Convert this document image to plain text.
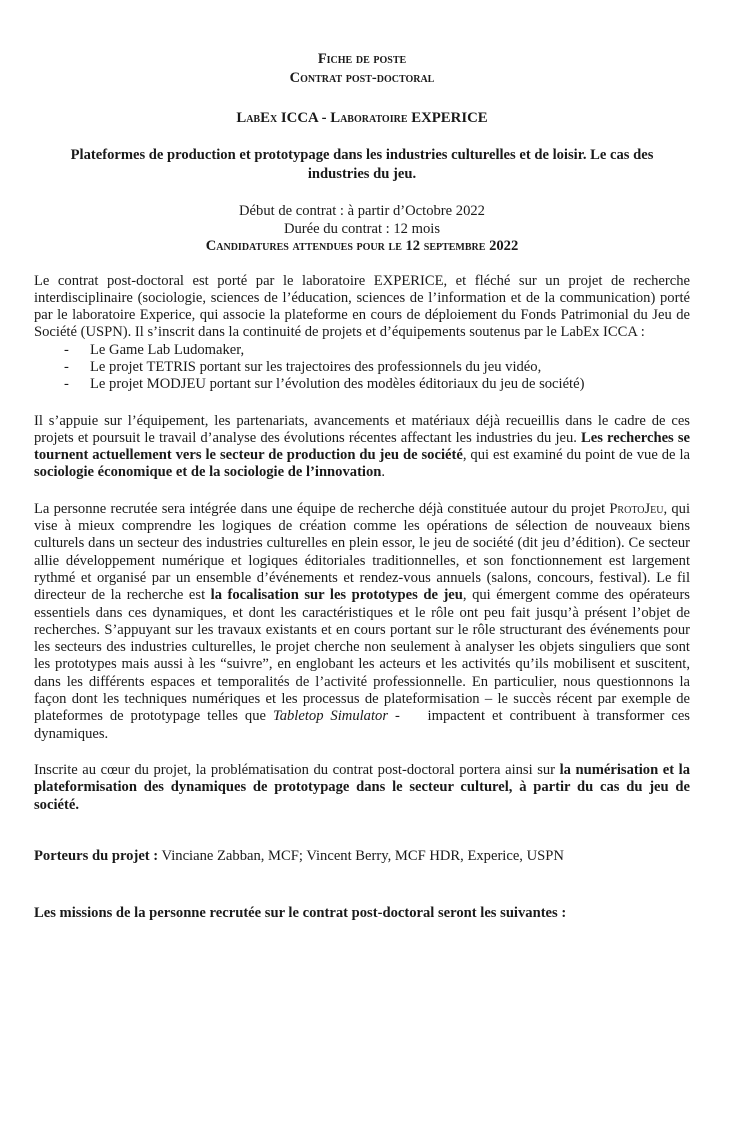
Fiche de poste
Contrat post-doctoral
LabEx ICCA - Laboratoire EXPERICE
Plateformes de production et prototypage dans les industries culturelles et de loisir. Le cas des industries du jeu.
Début de contrat : à partir d’Octobre 2022
Durée du contrat : 12 mois
Candidatures attendues pour le 12 septembre 2022

Le contrat post-doctoral est porté par le laboratoire EXPERICE, et fléché sur un projet de recherche interdisciplinaire (sociologie, sciences de l’éducation, sciences de l’information et de la communication) porté par le laboratoire Experice, qui associe la plateforme en cours de déploiement du Fonds Patrimonial du Jeu de Société (USPN). Il s’inscrit dans la continuité de projets et d’équipements soutenus par le LabEx ICCA :

- Le Game Lab Ludomaker,
- Le projet TETRIS portant sur les trajectoires des professionnels du jeu vidéo,
- Le projet MODJEU portant sur l’évolution des modèles éditoriaux du jeu de société)

Il s’appuie sur l’équipement, les partenariats, avancements et matériaux déjà recueillis dans le cadre de ces projets et poursuit le travail d’analyse des évolutions récentes affectant les industries du jeu. Les recherches se tournent actuellement vers le secteur de production du jeu de société, qui est examiné du point de vue de la sociologie économique et de la sociologie de l’innovation.

La personne recrutée sera intégrée dans une équipe de recherche déjà constituée autour du projet ProtoJeu, qui vise à mieux comprendre les logiques de création comme les opérations de sélection de nouveaux biens culturels dans un secteur des industries culturelles en plein essor, le jeu de société (dit jeu d’édition). Ce secteur allie développement numérique et logiques éditoriales traditionnelles, et son fonctionnement est largement rythmé et organisé par un ensemble d’événements et rendez-vous annuels (salons, concours, festival). Le fil directeur de la recherche est la focalisation sur les prototypes de jeu, qui émergent comme des opérateurs essentiels dans ces dynamiques, et dont les caractéristiques et le rôle ont peu fait jusqu’à présent l’objet de recherches. S’appuyant sur les travaux existants et en cours portant sur le rôle structurant des événements pour les secteurs des industries culturelles, le projet cherche non seulement à analyser les objets singuliers que sont les prototypes mais aussi à les “suivre”, en englobant les acteurs et les activités qu’ils mobilisent et suscitent, dans les différents espaces et temporalités de l’activité professionnelle. En particulier, nous questionnons la façon dont les techniques numériques et les processus de plateformisation – le succès récent par exemple de plateformes de prototypage telles que Tabletop Simulator -    impactent et contribuent à transformer ces dynamiques.

Inscrite au cœur du projet, la problématisation du contrat post-doctoral portera ainsi sur la numérisation et la plateformisation des dynamiques de prototypage dans le secteur culturel, à partir du cas du jeu de société.

Porteurs du projet : Vinciane Zabban, MCF; Vincent Berry, MCF HDR, Experice, USPN
Les missions de la personne recrutée sur le contrat post-doctoral seront les suivantes :
